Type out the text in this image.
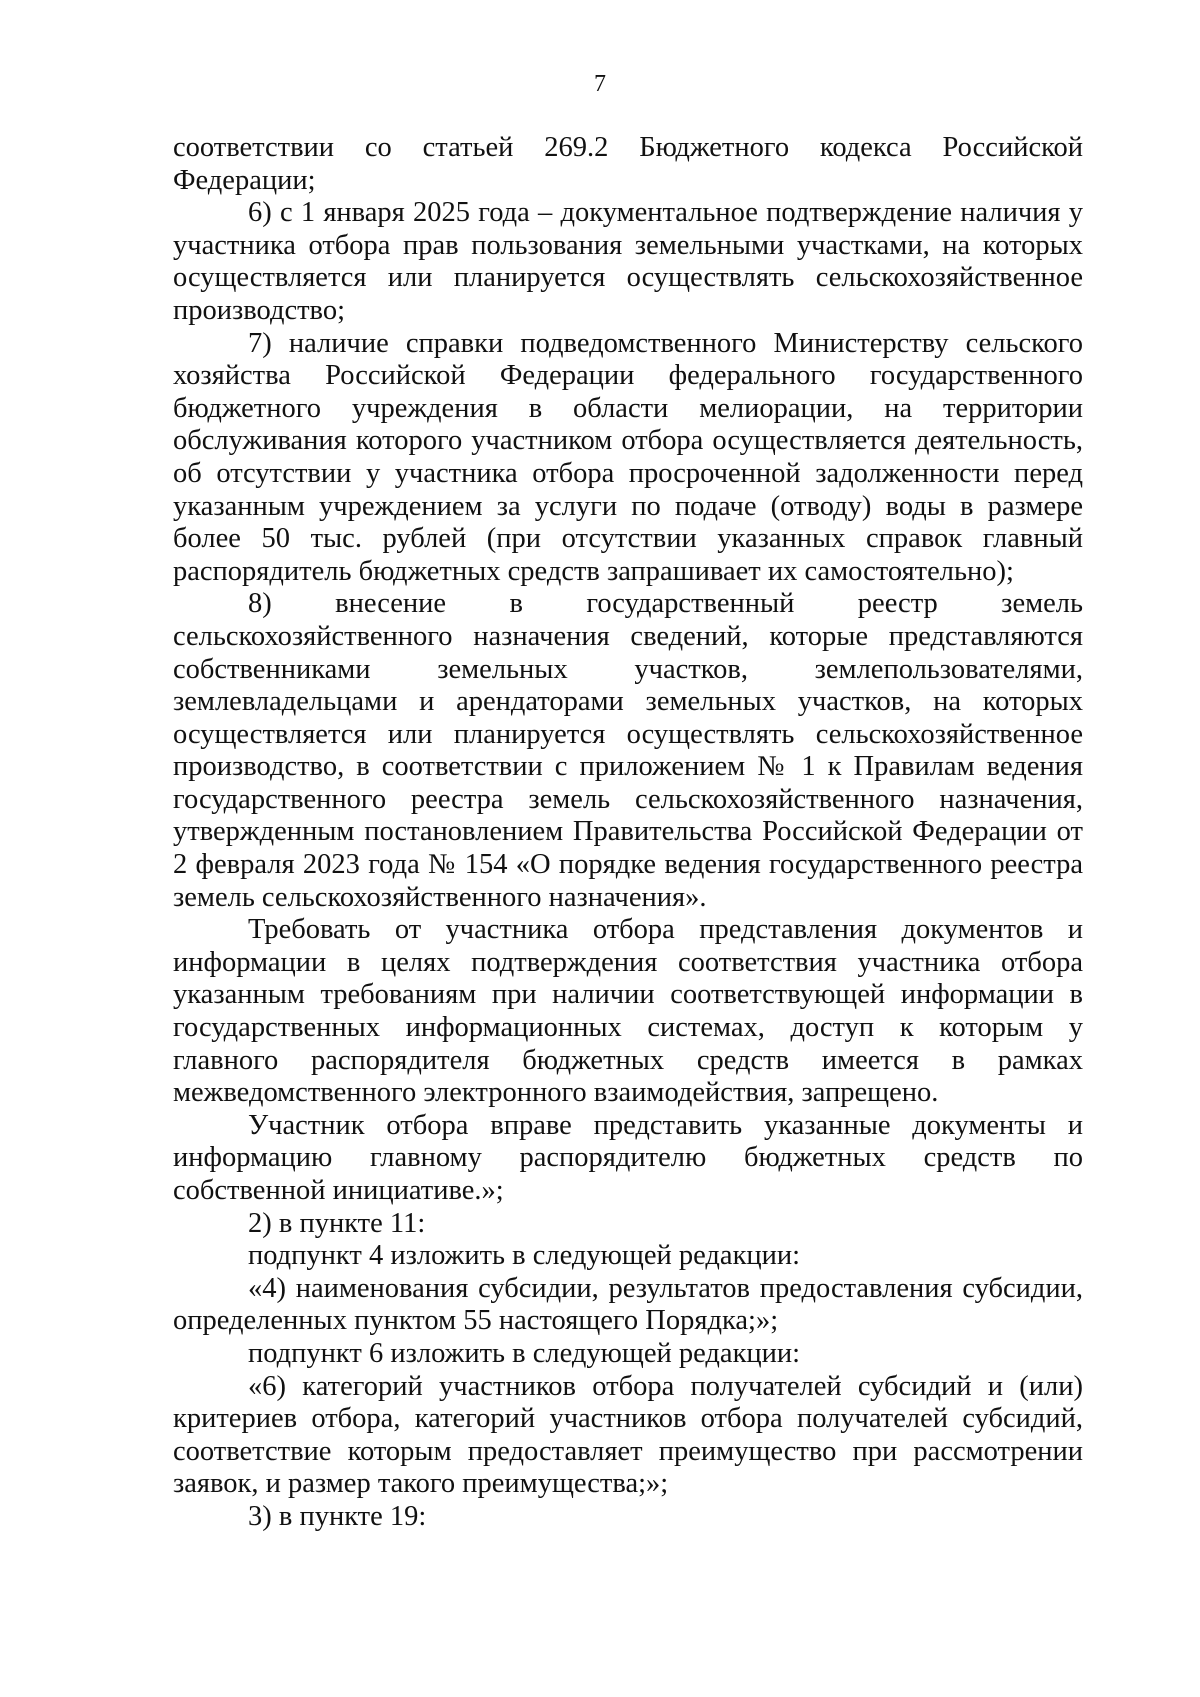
7

соответствии со статьей 269.2 Бюджетного кодекса Российской Федерации;

6) с 1 января 2025 года – документальное подтверждение наличия у участника отбора прав пользования земельными участками, на которых осуществляется или планируется осуществлять сельскохозяйственное производство;

7) наличие справки подведомственного Министерству сельского хозяйства Российской Федерации федерального государственного бюджетного учреждения в области мелиорации, на территории обслуживания которого участником отбора осуществляется деятельность, об отсутствии у участника отбора просроченной задолженности перед указанным учреждением за услуги по подаче (отводу) воды в размере более 50 тыс. рублей (при отсутствии указанных справок главный распорядитель бюджетных средств запрашивает их самостоятельно);

8) внесение в государственный реестр земель сельскохозяйственного назначения сведений, которые представляются собственниками земельных участков, землепользователями, землевладельцами и арендаторами земельных участков, на которых осуществляется или планируется осуществлять сельскохозяйственное производство, в соответствии с приложением № 1 к Правилам ведения государственного реестра земель сельскохозяйственного назначения, утвержденным постановлением Правительства Российской Федерации от 2 февраля 2023 года № 154 «О порядке ведения государственного реестра земель сельскохозяйственного назначения».

Требовать от участника отбора представления документов и информации в целях подтверждения соответствия участника отбора указанным требованиям при наличии соответствующей информации в государственных информационных системах, доступ к которым у главного распорядителя бюджетных средств имеется в рамках межведомственного электронного взаимодействия, запрещено.

Участник отбора вправе представить указанные документы и информацию главному распорядителю бюджетных средств по собственной инициативе.»;

2) в пункте 11:

подпункт 4 изложить в следующей редакции:

«4) наименования субсидии, результатов предоставления субсидии, определенных пунктом 55 настоящего Порядка;»;

подпункт 6 изложить в следующей редакции:

«6) категорий участников отбора получателей субсидий и (или) критериев отбора, категорий участников отбора получателей субсидий, соответствие которым предоставляет преимущество при рассмотрении заявок, и размер такого преимущества;»;

3) в пункте 19:
